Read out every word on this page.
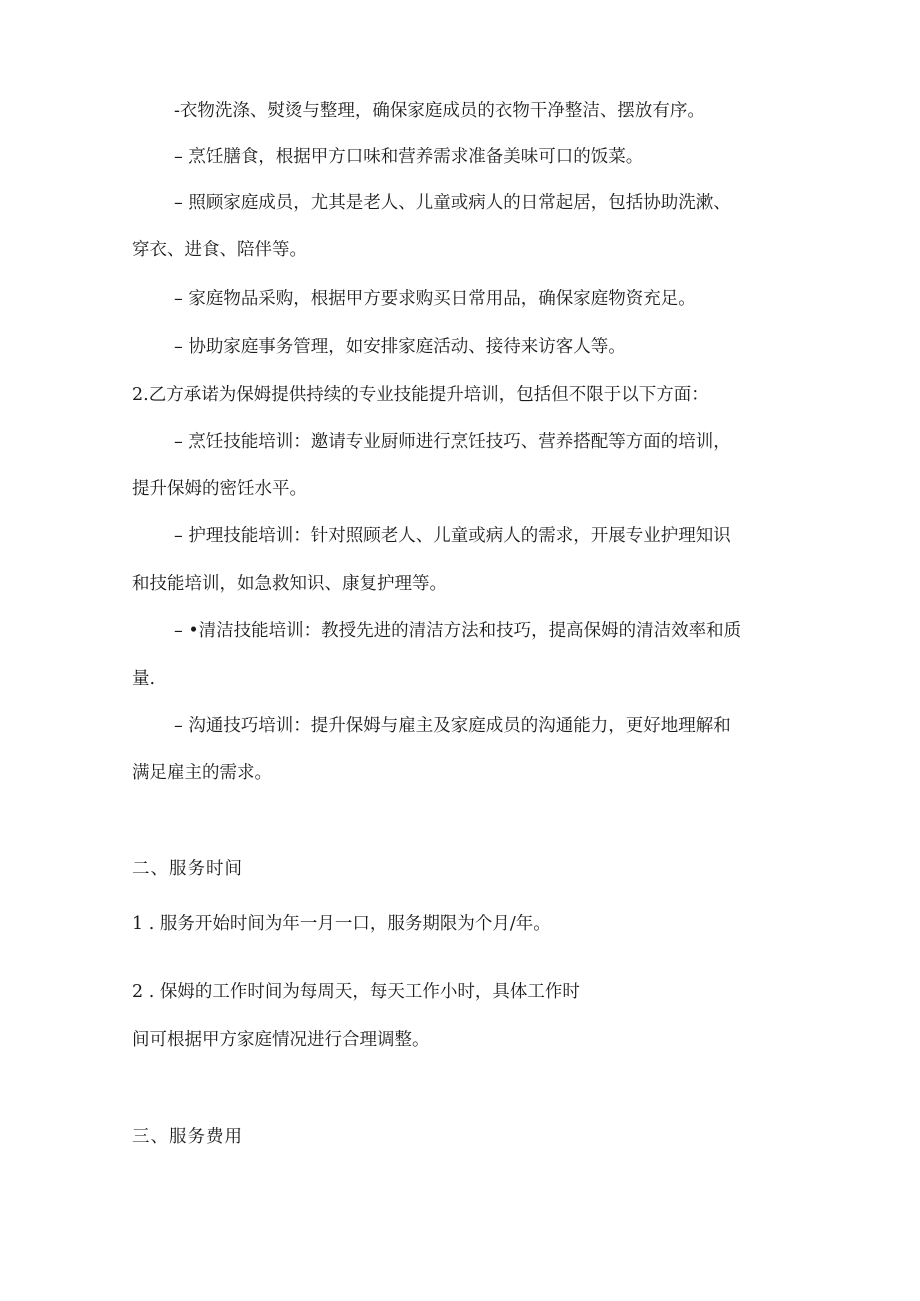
-衣物洗涤、熨烫与整理，确保家庭成员的衣物干净整洁、摆放有序。

– 烹饪膳食，根据甲方口味和营养需求准备美味可口的饭菜。

– 照顾家庭成员，尤其是老人、儿童或病人的日常起居，包括协助洗漱、

穿衣、进食、陪伴等。

– 家庭物品采购，根据甲方要求购买日常用品，确保家庭物资充足。

– 协助家庭事务管理，如安排家庭活动、接待来访客人等。

2.乙方承诺为保姆提供持续的专业技能提升培训，包括但不限于以下方面：

– 烹饪技能培训：邀请专业厨师进行烹饪技巧、营养搭配等方面的培训，

提升保姆的密饪水平。

– 护理技能培训：针对照顾老人、儿童或病人的需求，开展专业护理知识

和技能培训，如急救知识、康复护理等。

– •清洁技能培训：教授先进的清洁方法和技巧，提高保姆的清洁效率和质

量.

– 沟通技巧培训：提升保姆与雇主及家庭成员的沟通能力，更好地理解和

满足雇主的需求。

二、服务时间

1 . 服务开始时间为年一月一口，服务期限为个月/年。

2 . 保姆的工作时间为每周天，每天工作小时，具体工作时

间可根据甲方家庭情况进行合理调整。

三、服务费用
